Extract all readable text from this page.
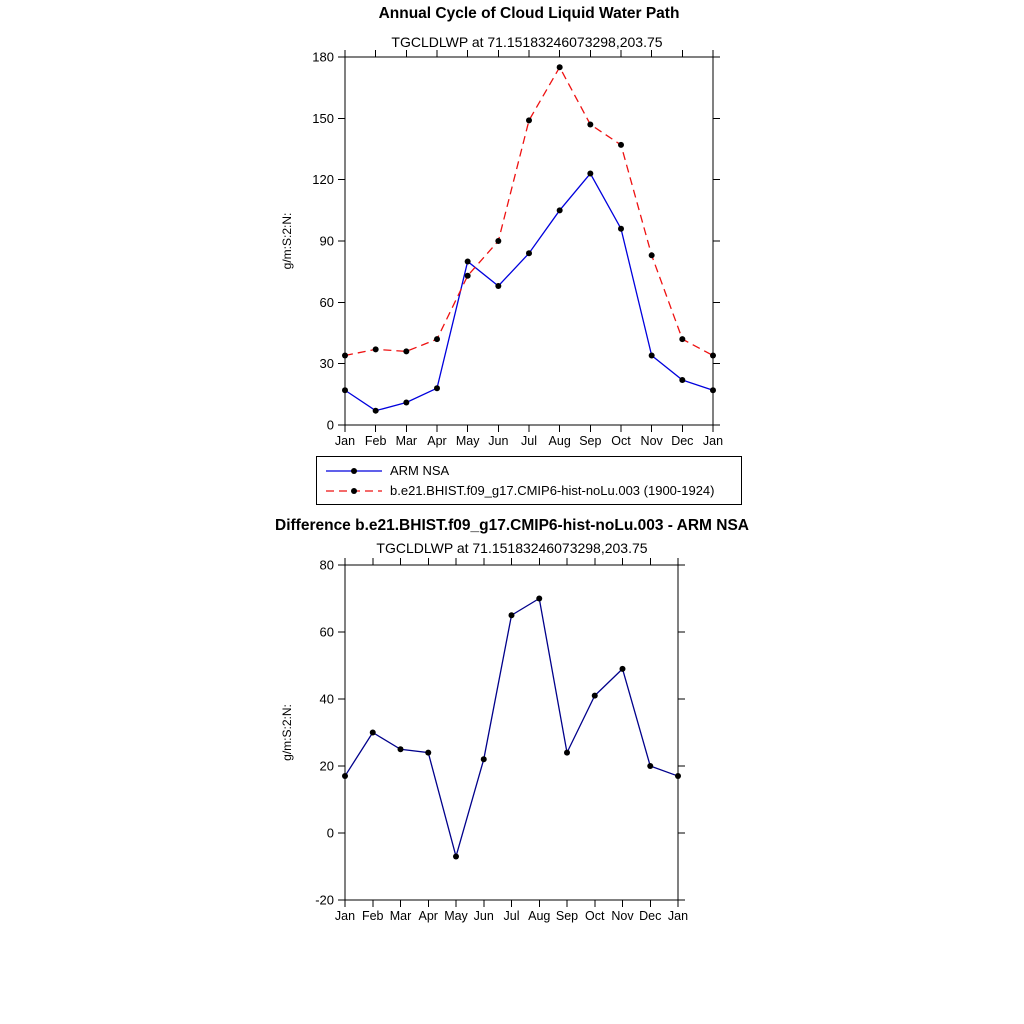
Annual Cycle of Cloud Liquid Water Path
TGCLDLWP at 71.15183246073298,203.75
0
30
60
90
120
150
180
Jan Feb Mar Apr May Jun Jul Aug Sep Oct Nov Dec Jan
g/m:S:2:N:
ARM NSA
b.e21.BHIST.f09_g17.CMIP6-hist-noLu.003 (1900-1924)
Difference b.e21.BHIST.f09_g17.CMIP6-hist-noLu.003 - ARM NSA
TGCLDLWP at 71.15183246073298,203.75
-20
0
20
40
60
80
Jan Feb Mar Apr May Jun Jul Aug Sep Oct Nov Dec Jan
g/m:S:2:N:
